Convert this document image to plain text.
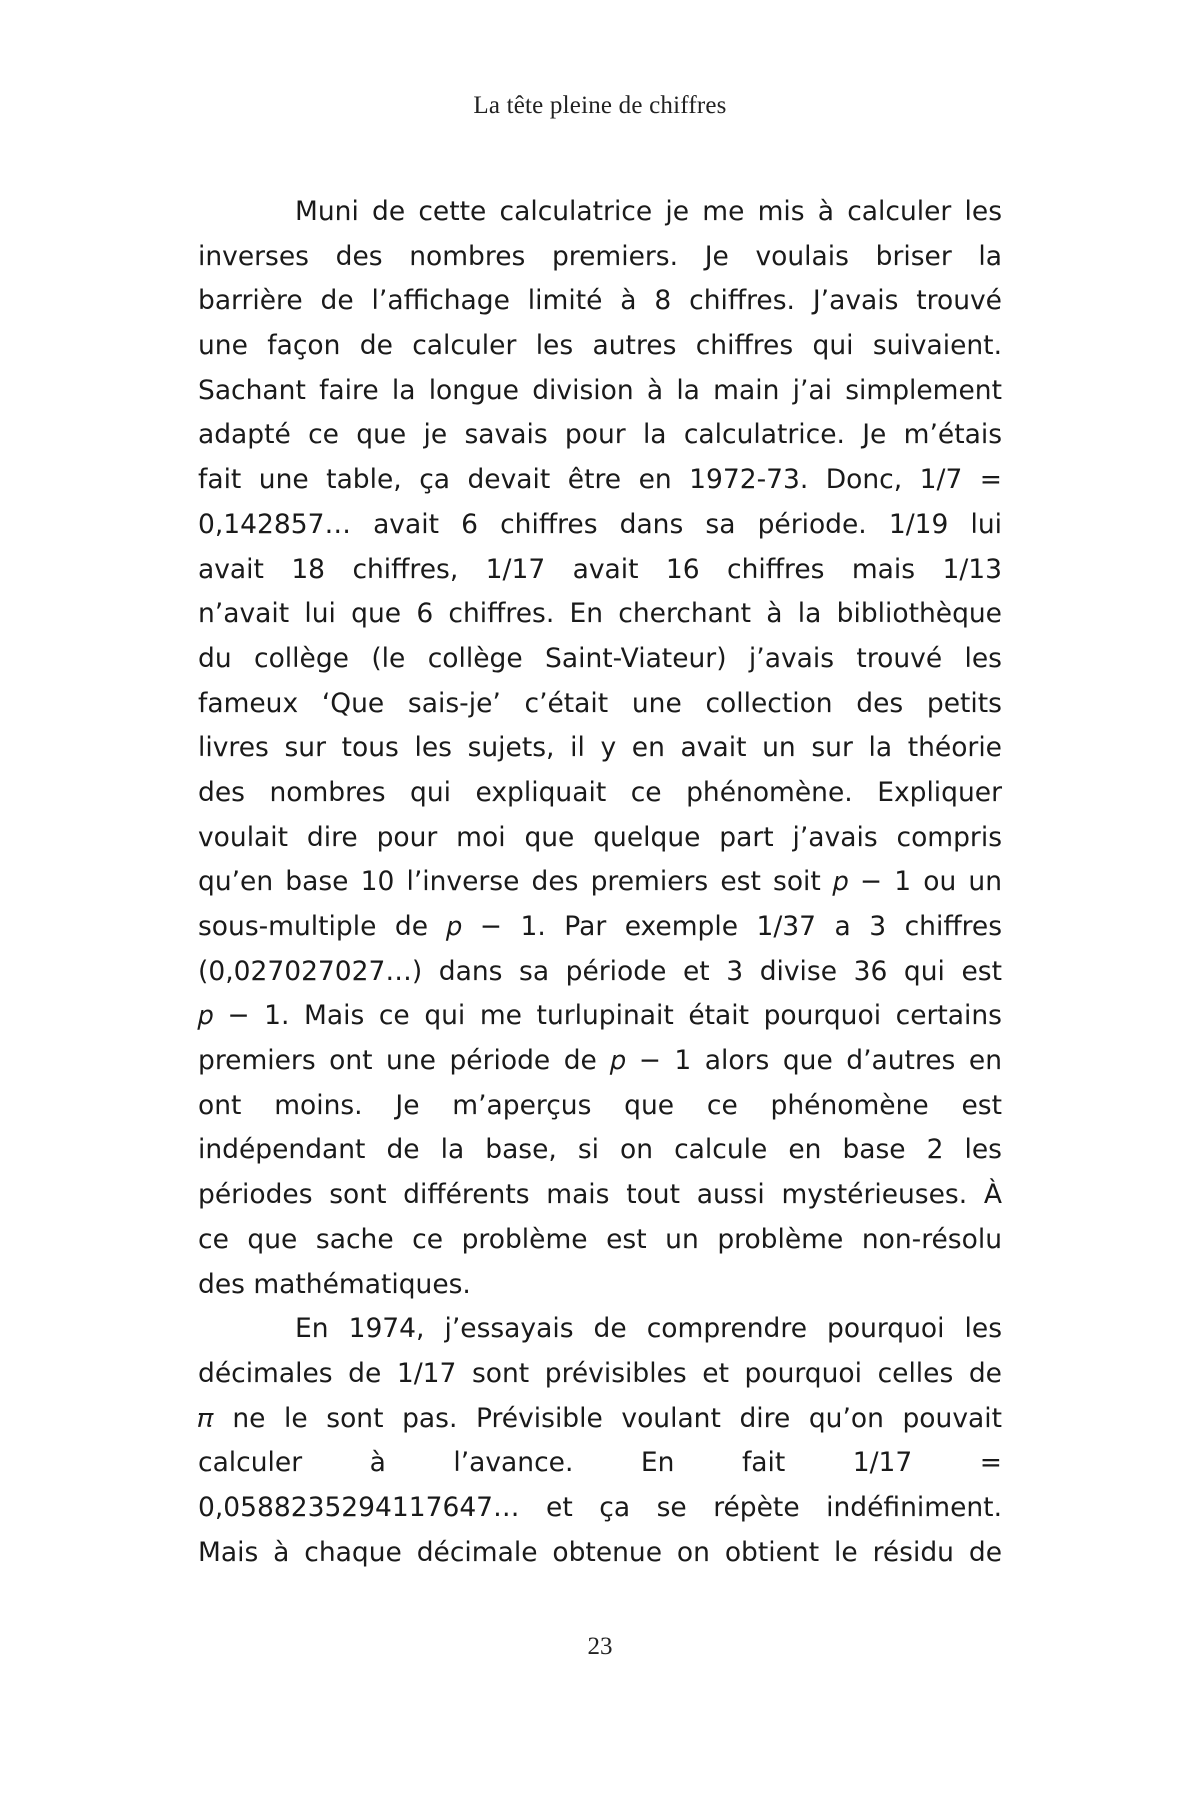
La tête pleine de chiffres
Muni de cette calculatrice je me mis à calculer les
inverses des nombres premiers. Je voulais briser la
barrière de l’affichage limité à 8 chiffres. J’avais trouvé
une façon de calculer les autres chiffres qui suivaient.
Sachant faire la longue division à la main j’ai simplement
adapté ce que je savais pour la calculatrice. Je m’étais
fait une table, ça devait être en 1972-73. Donc, 1/7 =
0,142857… avait 6 chiffres dans sa période. 1/19 lui
avait 18 chiffres, 1/17 avait 16 chiffres mais 1/13
n’avait lui que 6 chiffres. En cherchant à la bibliothèque
du collège (le collège Saint-Viateur) j’avais trouvé les
fameux ‘Que sais-je’ c’était une collection des petits
livres sur tous les sujets, il y en avait un sur la théorie
des nombres qui expliquait ce phénomène. Expliquer
voulait dire pour moi que quelque part j’avais compris
qu’en base 10 l’inverse des premiers est soit 𝑝 − 1 ou un
sous-multiple de 𝑝 − 1. Par exemple 1/37 a 3 chiffres
(0,027027027…) dans sa période et 3 divise 36 qui est
𝑝 − 1. Mais ce qui me turlupinait était pourquoi certains
premiers ont une période de 𝑝 − 1 alors que d’autres en
ont moins. Je m’aperçus que ce phénomène est
indépendant de la base, si on calcule en base 2 les
périodes sont différents mais tout aussi mystérieuses. À
ce que sache ce problème est un problème non-résolu
des mathématiques.
En 1974, j’essayais de comprendre pourquoi les
décimales de 1/17 sont prévisibles et pourquoi celles de
𝜋 ne le sont pas. Prévisible voulant dire qu’on pouvait
calculer à l’avance. En fait 1/17 =
0,0588235294117647… et ça se répète indéfiniment.
Mais à chaque décimale obtenue on obtient le résidu de
23
